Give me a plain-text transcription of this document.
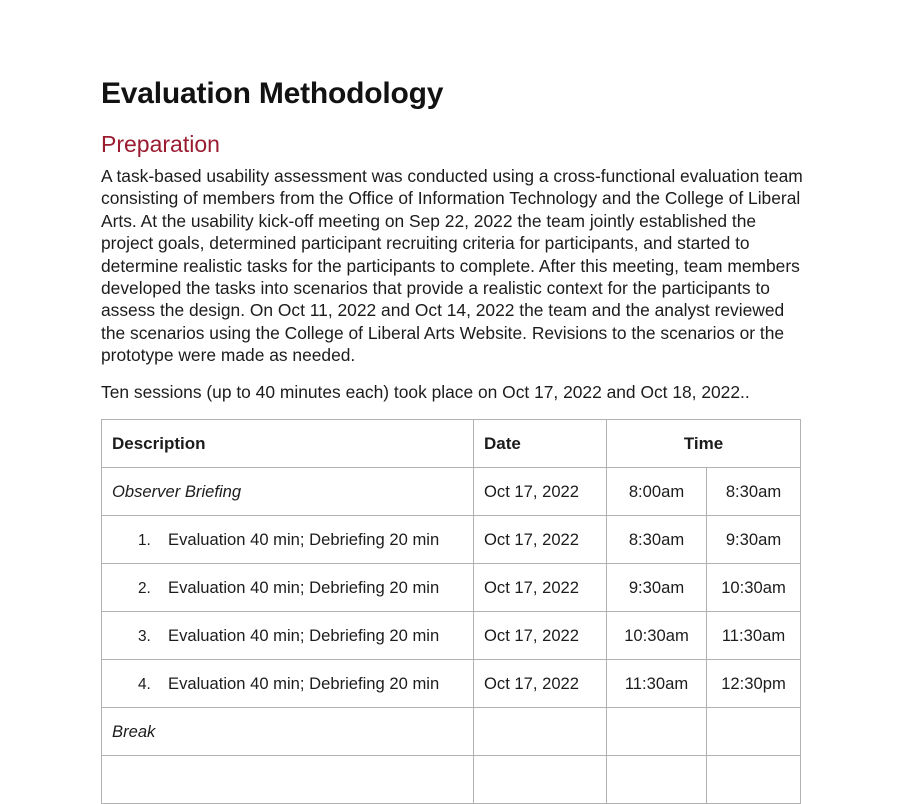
Evaluation Methodology
Preparation

A task-based usability assessment was conducted using a cross-functional evaluation team consisting of members from the Office of Information Technology and the College of Liberal Arts. At the usability kick-off meeting on Sep 22, 2022 the team jointly established the project goals, determined participant recruiting criteria for participants, and started to determine realistic tasks for the participants to complete. After this meeting, team members developed the tasks into scenarios that provide a realistic context for the participants to assess the design. On Oct 11, 2022 and Oct 14, 2022 the team and the analyst reviewed the scenarios using the College of Liberal Arts Website. Revisions to the scenarios or the prototype were made as needed.

Ten sessions (up to 40 minutes each) took place on Oct 17, 2022 and Oct 18, 2022..

Description	Date	Time	
Observer Briefing	Oct 17, 2022	8:00am	8:30am

1. Evaluation 40 min; Debriefing 20 min	Oct 17, 2022	8:30am	9:30am

2. Evaluation 40 min; Debriefing 20 min	Oct 17, 2022	9:30am	10:30am

3. Evaluation 40 min; Debriefing 20 min	Oct 17, 2022	10:30am	11:30am

4. Evaluation 40 min; Debriefing 20 min	Oct 17, 2022	11:30am	12:30pm
Break			
